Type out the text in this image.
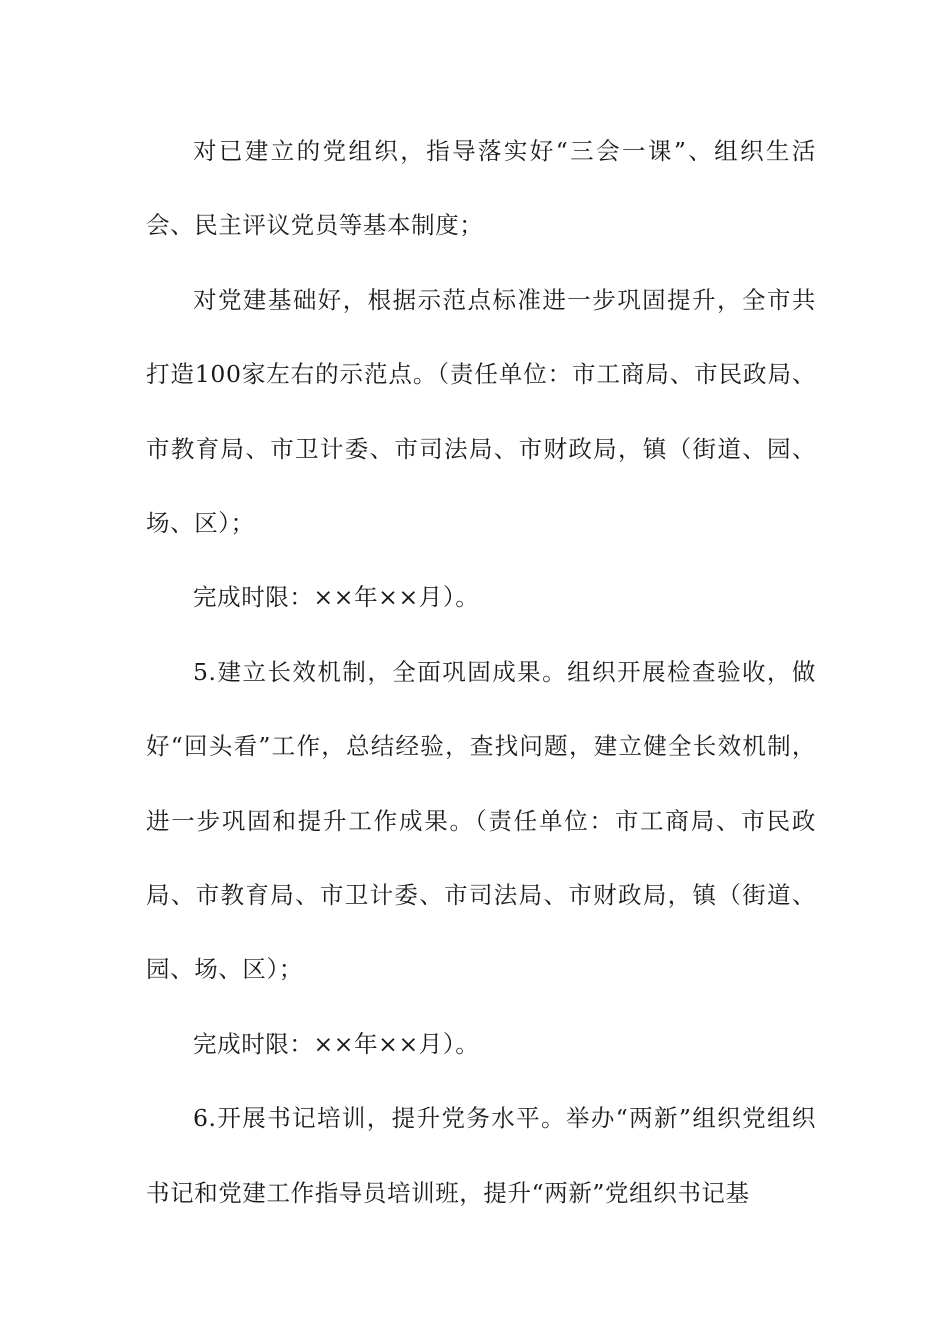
对已建立的党组织，指导落实好“三会一课”、组织生活会、民主评议党员等基本制度；

对党建基础好，根据示范点标准进一步巩固提升，全市共打造100家左右的示范点。（责任单位：市工商局、市民政局、市教育局、市卫计委、市司法局、市财政局，镇（街道、园、场、区）；

完成时限：××年××月）。

5.建立长效机制，全面巩固成果。组织开展检查验收，做好“回头看”工作，总结经验，查找问题，建立健全长效机制，进一步巩固和提升工作成果。（责任单位：市工商局、市民政局、市教育局、市卫计委、市司法局、市财政局，镇（街道、园、场、区）；

完成时限：××年××月）。

6.开展书记培训，提升党务水平。举办“两新”组织党组织书记和党建工作指导员培训班，提升“两新”党组织书记基
